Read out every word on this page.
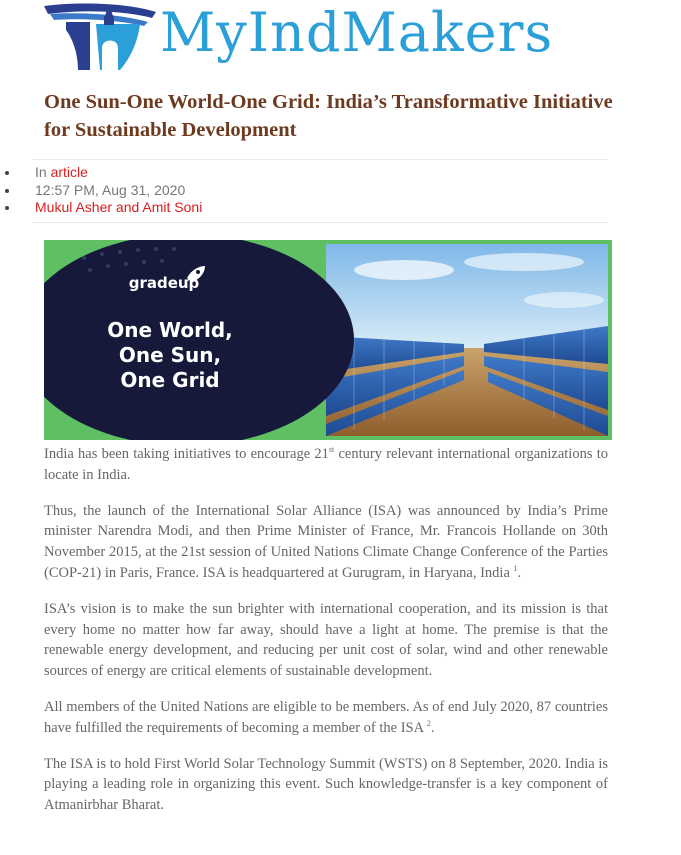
MyIndMakers
One Sun-One World-One Grid: India’s Transformative Initiative for Sustainable Development
In article
12:57 PM, Aug 31, 2020
Mukul Asher and Amit Soni
gradeup
One World,
One Sun,
One Grid

India has been taking initiatives to encourage 21st century relevant international organizations to locate in India.

Thus, the launch of the International Solar Alliance (ISA) was announced by India’s Prime minister Narendra Modi, and then Prime Minister of France, Mr. Francois Hollande on 30th November 2015, at the 21st session of United Nations Climate Change Conference of the Parties (COP-21) in Paris, France. ISA is headquartered at Gurugram, in Haryana, India $^1$.

ISA’s vision is to make the sun brighter with international cooperation, and its mission is that every home no matter how far away, should have a light at home. The premise is that the renewable energy development, and reducing per unit cost of solar, wind and other renewable sources of energy are critical elements of sustainable development.

All members of the United Nations are eligible to be members. As of end July 2020, 87 countries have fulfilled the requirements of becoming a member of the ISA $^2$.

The ISA is to hold First World Solar Technology Summit (WSTS) on 8 September, 2020. India is playing a leading role in organizing this event. Such knowledge-transfer is a key component of Atmanirbhar Bharat.
